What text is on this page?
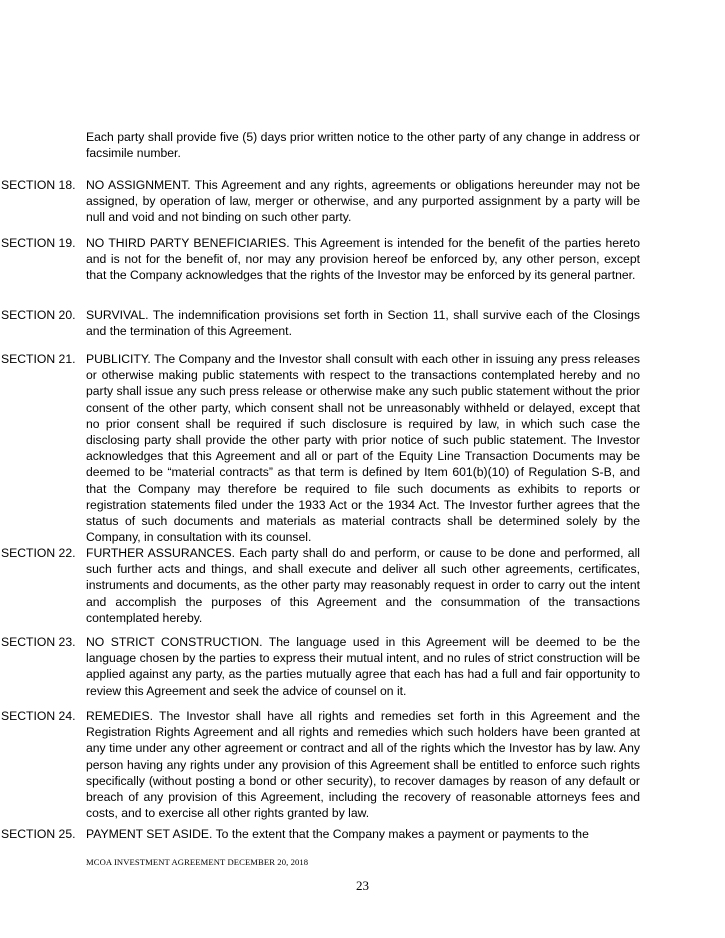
Each party shall provide five (5) days prior written notice to the other party of any change in address or facsimile number.
SECTION 18. NO ASSIGNMENT. This Agreement and any rights, agreements or obligations hereunder may not be assigned, by operation of law, merger or otherwise, and any purported assignment by a party will be null and void and not binding on such other party.
SECTION 19. NO THIRD PARTY BENEFICIARIES. This Agreement is intended for the benefit of the parties hereto and is not for the benefit of, nor may any provision hereof be enforced by, any other person, except that the Company acknowledges that the rights of the Investor may be enforced by its general partner.
SECTION 20. SURVIVAL. The indemnification provisions set forth in Section 11, shall survive each of the Closings and the termination of this Agreement.
SECTION 21. PUBLICITY. The Company and the Investor shall consult with each other in issuing any press releases or otherwise making public statements with respect to the transactions contemplated hereby and no party shall issue any such press release or otherwise make any such public statement without the prior consent of the other party, which consent shall not be unreasonably withheld or delayed, except that no prior consent shall be required if such disclosure is required by law, in which such case the disclosing party shall provide the other party with prior notice of such public statement. The Investor acknowledges that this Agreement and all or part of the Equity Line Transaction Documents may be deemed to be “material contracts” as that term is defined by Item 601(b)(10) of Regulation S-B, and that the Company may therefore be required to file such documents as exhibits to reports or registration statements filed under the 1933 Act or the 1934 Act. The Investor further agrees that the status of such documents and materials as material contracts shall be determined solely by the Company, in consultation with its counsel.
SECTION 22. FURTHER ASSURANCES. Each party shall do and perform, or cause to be done and performed, all such further acts and things, and shall execute and deliver all such other agreements, certificates, instruments and documents, as the other party may reasonably request in order to carry out the intent and accomplish the purposes of this Agreement and the consummation of the transactions contemplated hereby.
SECTION 23. NO STRICT CONSTRUCTION. The language used in this Agreement will be deemed to be the language chosen by the parties to express their mutual intent, and no rules of strict construction will be applied against any party, as the parties mutually agree that each has had a full and fair opportunity to review this Agreement and seek the advice of counsel on it.
SECTION 24. REMEDIES. The Investor shall have all rights and remedies set forth in this Agreement and the Registration Rights Agreement and all rights and remedies which such holders have been granted at any time under any other agreement or contract and all of the rights which the Investor has by law. Any person having any rights under any provision of this Agreement shall be entitled to enforce such rights specifically (without posting a bond or other security), to recover damages by reason of any default or breach of any provision of this Agreement, including the recovery of reasonable attorneys fees and costs, and to exercise all other rights granted by law.
SECTION 25. PAYMENT SET ASIDE. To the extent that the Company makes a payment or payments to the
MCOA INVESTMENT AGREEMENT DECEMBER 20, 2018
23
